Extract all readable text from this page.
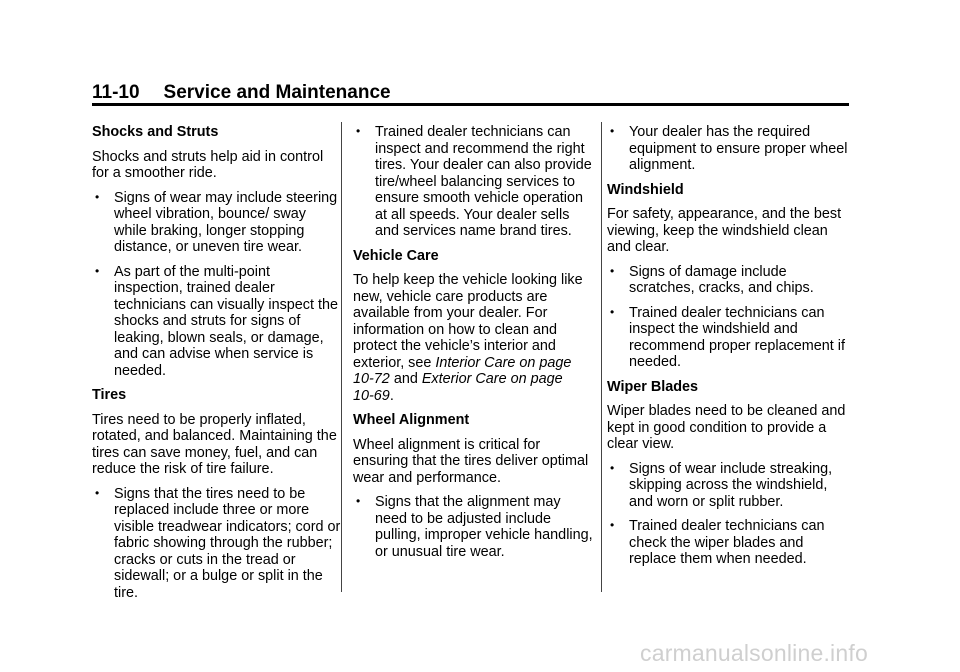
11-10 Service and Maintenance
Shocks and Struts

Shocks and struts help aid in control for a smoother ride.

• Signs of wear may include steering wheel vibration, bounce/ sway while braking, longer stopping distance, or uneven tire wear.
• As part of the multi-point inspection, trained dealer technicians can visually inspect the shocks and struts for signs of leaking, blown seals, or damage, and can advise when service is needed.
Tires

Tires need to be properly inflated, rotated, and balanced. Maintaining the tires can save money, fuel, and can reduce the risk of tire failure.

• Signs that the tires need to be replaced include three or more visible treadwear indicators; cord or fabric showing through the rubber; cracks or cuts in the tread or sidewall; or a bulge or split in the tire.
• Trained dealer technicians can inspect and recommend the right tires. Your dealer can also provide tire/wheel balancing services to ensure smooth vehicle operation at all speeds. Your dealer sells and services name brand tires.
Vehicle Care

To help keep the vehicle looking like new, vehicle care products are available from your dealer. For information on how to clean and protect the vehicle’s interior and exterior, see Interior Care on page 10‑72 and Exterior Care on page 10‑69.

Wheel Alignment

Wheel alignment is critical for ensuring that the tires deliver optimal wear and performance.

• Signs that the alignment may need to be adjusted include pulling, improper vehicle handling, or unusual tire wear.
• Your dealer has the required equipment to ensure proper wheel alignment.
Windshield

For safety, appearance, and the best viewing, keep the windshield clean and clear.

• Signs of damage include scratches, cracks, and chips.
• Trained dealer technicians can inspect the windshield and recommend proper replacement if needed.
Wiper Blades

Wiper blades need to be cleaned and kept in good condition to provide a clear view.

• Signs of wear include streaking, skipping across the windshield, and worn or split rubber.
• Trained dealer technicians can check the wiper blades and replace them when needed.
carmanualsonline.info
